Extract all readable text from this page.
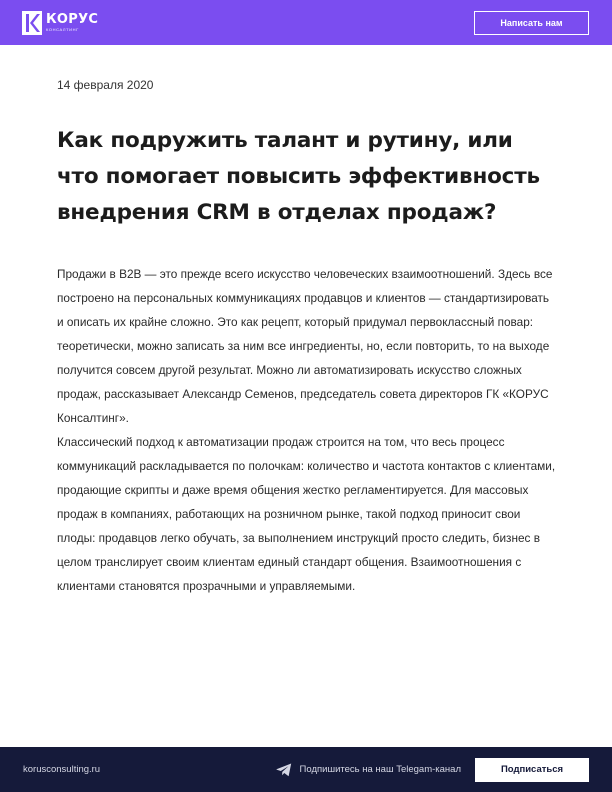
КОРУС
КОНСАЛТИНГ
Написать нам
14 февраля 2020
Как подружить талант и рутину, или что помогает повысить эффективность внедрения CRM в отделах продаж?

Продажи в B2B — это прежде всего искусство человеческих взаимоотношений. Здесь все построено на персональных коммуникациях продавцов и клиентов — стандартизировать и описать их крайне сложно. Это как рецепт, который придумал первоклассный повар: теоретически, можно записать за ним все ингредиенты, но, если повторить, то на выходе получится совсем другой результат. Можно ли автоматизировать искусство сложных продаж, рассказывает Александр Семенов, председатель совета директоров ГК «КОРУС Консалтинг».

Классический подход к автоматизации продаж строится на том, что весь процесс коммуникаций раскладывается по полочкам: количество и частота контактов с клиентами, продающие скрипты и даже время общения жестко регламентируется. Для массовых продаж в компаниях, работающих на розничном рынке, такой подход приносит свои плоды: продавцов легко обучать, за выполнением инструкций просто следить, бизнес в целом транслирует своим клиентам единый стандарт общения. Взаимоотношения с клиентами становятся прозрачными и управляемыми.

korusconsulting.ru	Подпишитесь на наш Telegam-канал	Подписаться
